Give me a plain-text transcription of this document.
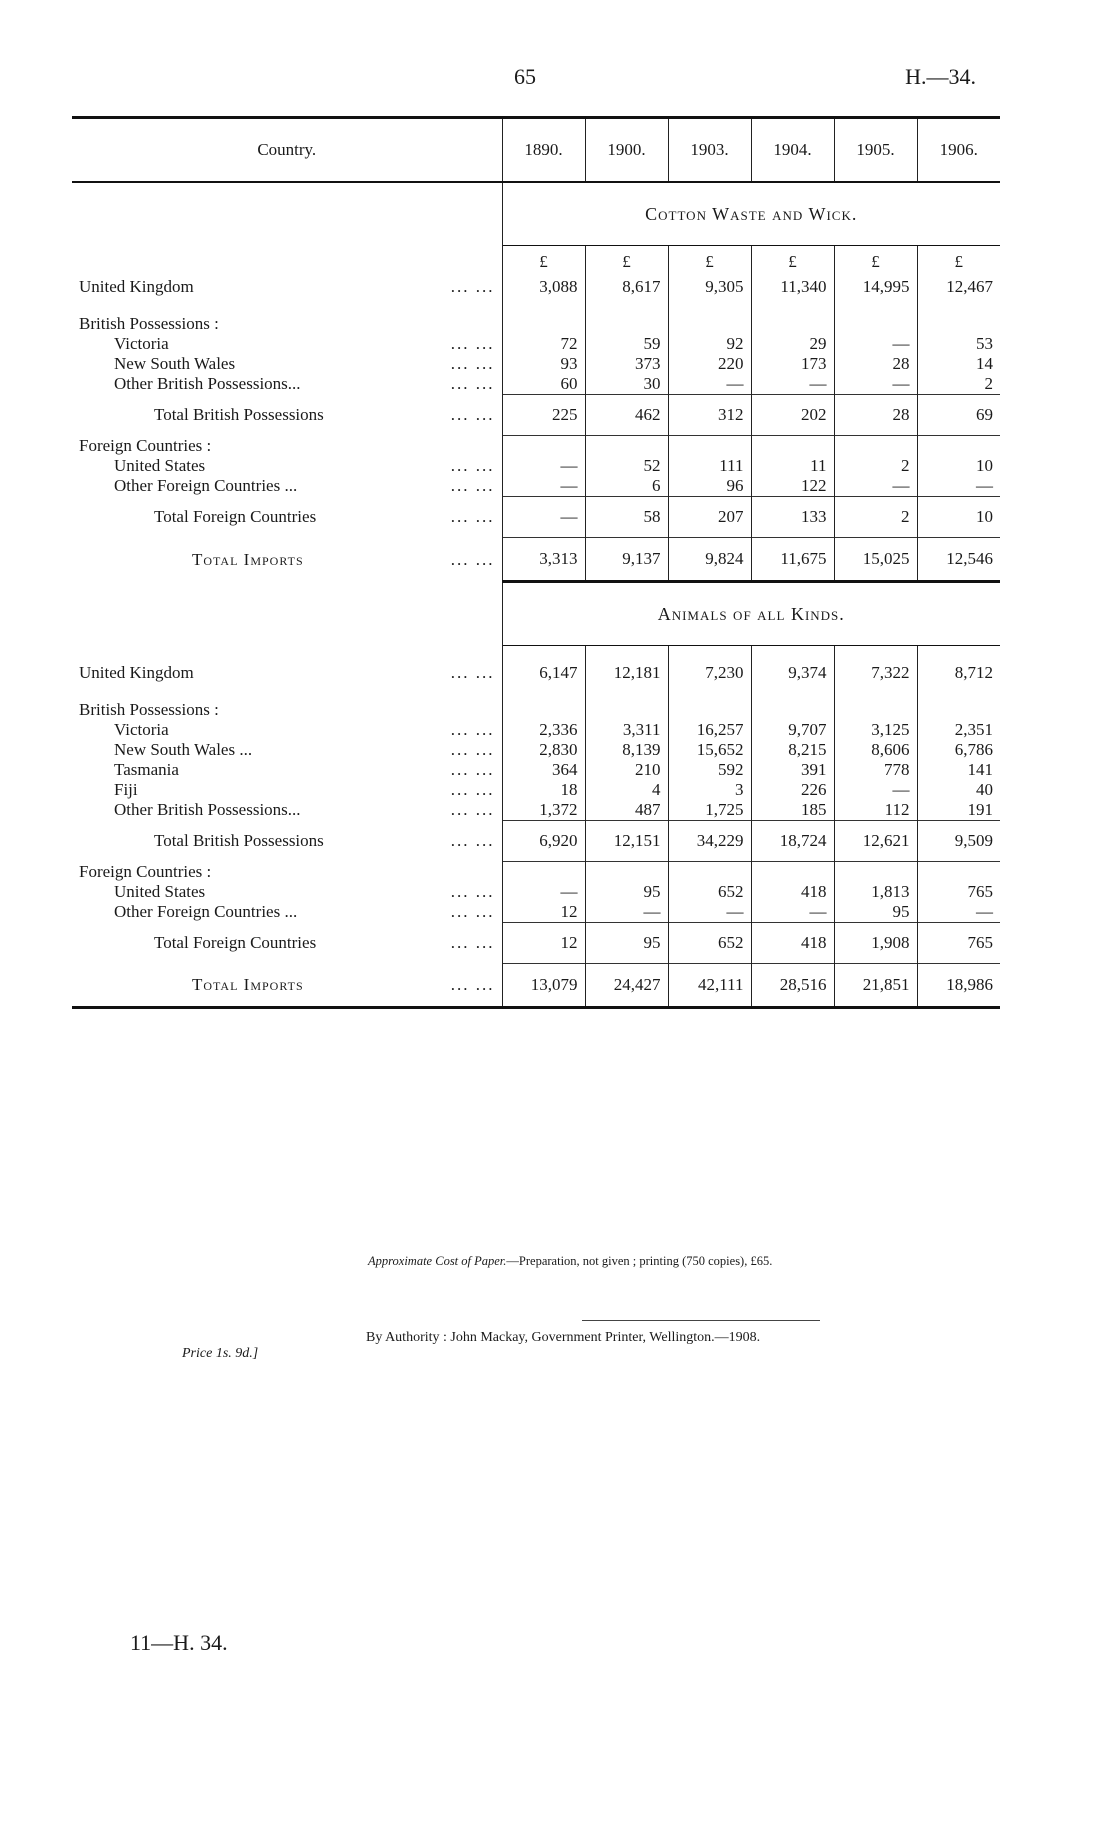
65	H.—34.
Country.	1890.	1900.	1903.	1904.	1905.	1906.
	Cotton Waste and Wick.					
	£	£	£	£	£	£
United Kingdom ... ...	3,088	8,617	9,305	11,340	14,995	12,467

British Possessions :						
Victoria ... ...	72	59	92	29	—	53
New South Wales ... ...	93	373	220	173	28	14
Other British Possessions... ... ...	60	30	—	—	—	2
Total British Possessions ... ...	225	462	312	202	28	69
Foreign Countries :						
United States ... ...	—	52	111	11	2	10
Other Foreign Countries ... ... ...	—	6	96	122	—	—
Total Foreign Countries ... ...	—	58	207	133	2	10
Total Imports ... ...	3,313	9,137	9,824	11,675	15,025	12,546
	Animals of all Kinds.					

United Kingdom ... ...	6,147	12,181	7,230	9,374	7,322	8,712

British Possessions :						
Victoria ... ...	2,336	3,311	16,257	9,707	3,125	2,351
New South Wales ... ... ...	2,830	8,139	15,652	8,215	8,606	6,786
Tasmania ... ...	364	210	592	391	778	141
Fiji ... ...	18	4	3	226	—	40
Other British Possessions... ... ...	1,372	487	1,725	185	112	191
Total British Possessions ... ...	6,920	12,151	34,229	18,724	12,621	9,509
Foreign Countries :						
United States ... ...	—	95	652	418	1,813	765
Other Foreign Countries ... ... ...	12	—	—	—	95	—
Total Foreign Countries ... ...	12	95	652	418	1,908	765
Total Imports ... ...	13,079	24,427	42,111	28,516	21,851	18,986
Approximate Cost of Paper.—Preparation, not given ; printing (750 copies), £65.
By Authority : John Mackay, Government Printer, Wellington.—1908.
Price 1s. 9d.]
11—H. 34.
